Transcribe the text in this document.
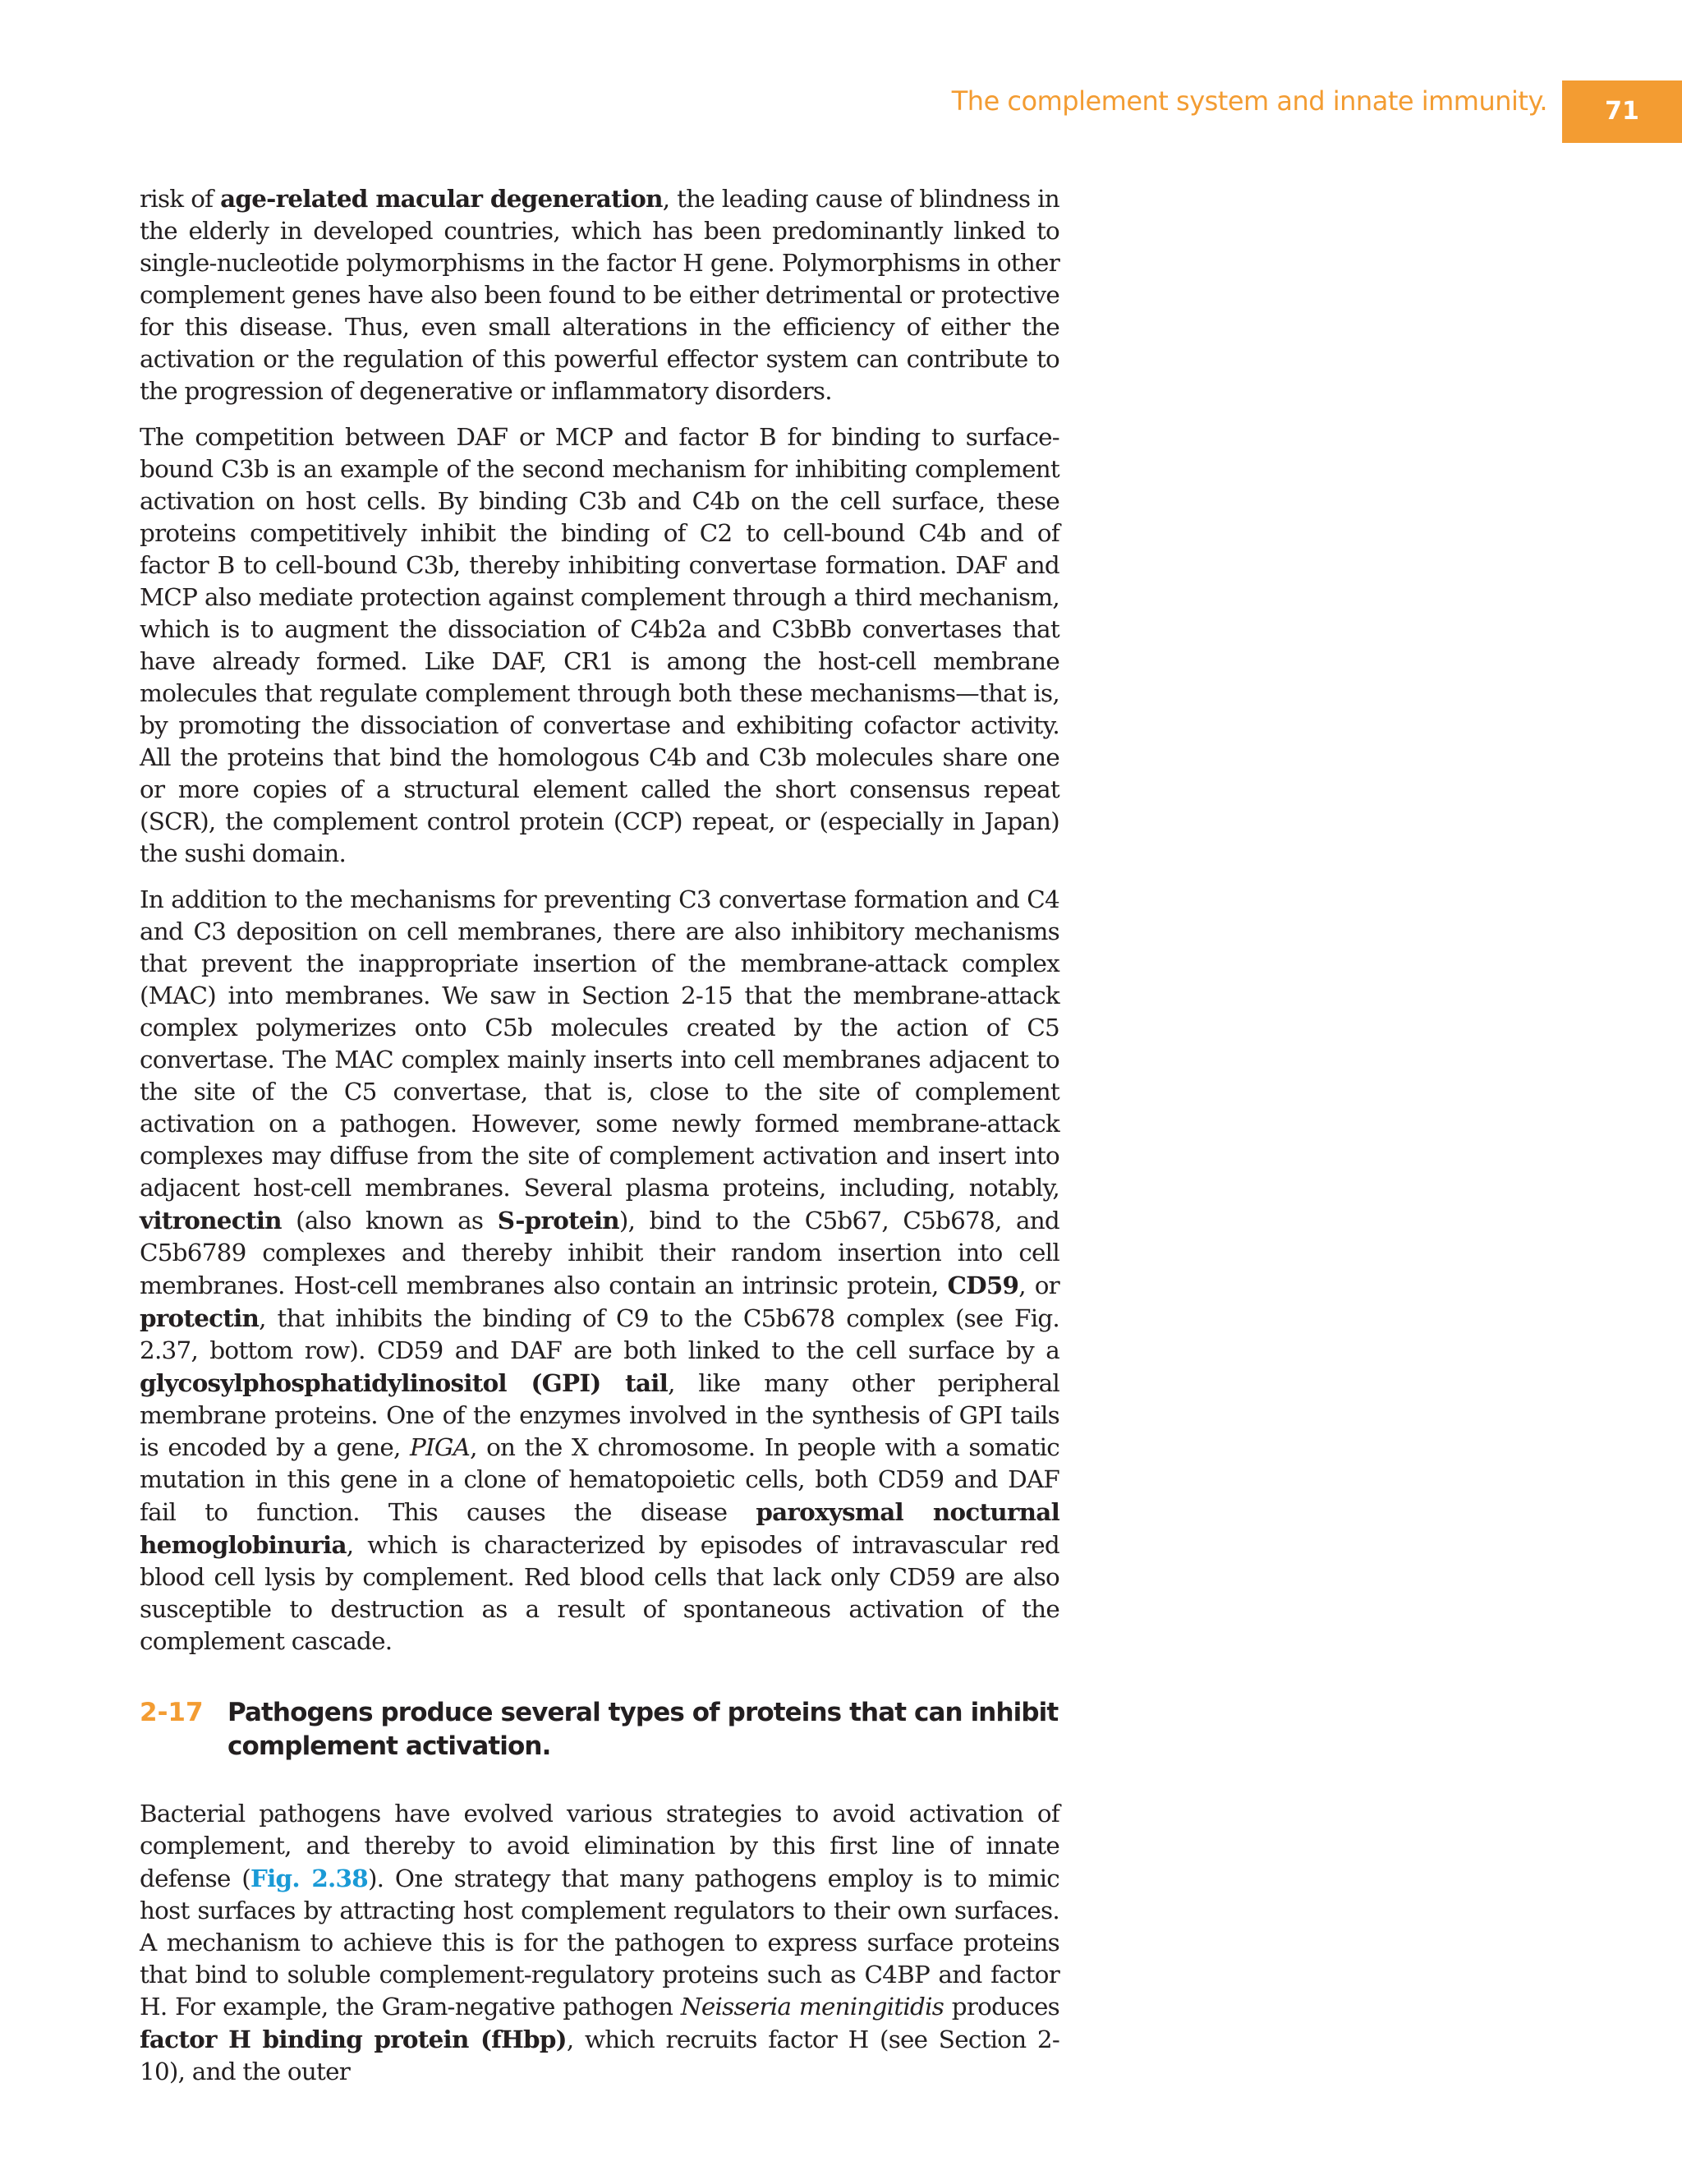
The complement system and innate immunity.	71

risk of age-related macular degeneration, the leading cause of blindness in the elderly in developed countries, which has been predominantly linked to single-nucleotide polymorphisms in the factor H gene. Polymorphisms in other complement genes have also been found to be either detrimental or protective for this disease. Thus, even small alterations in the efficiency of either the activation or the regulation of this powerful effector system can contribute to the progression of degenerative or inflammatory disorders.

The competition between DAF or MCP and factor B for binding to surface-bound C3b is an example of the second mechanism for inhibiting complement activation on host cells. By binding C3b and C4b on the cell surface, these proteins competitively inhibit the binding of C2 to cell-bound C4b and of factor B to cell-bound C3b, thereby inhibiting convertase formation. DAF and MCP also mediate protection against complement through a third mechanism, which is to augment the dissociation of C4b2a and C3bBb convertases that have already formed. Like DAF, CR1 is among the host-cell membrane molecules that regulate complement through both these mechanisms—that is, by promoting the dissociation of convertase and exhibiting cofactor activity. All the proteins that bind the homologous C4b and C3b molecules share one or more copies of a structural element called the short consensus repeat (SCR), the complement control protein (CCP) repeat, or (especially in Japan) the sushi domain.

In addition to the mechanisms for preventing C3 convertase formation and C4 and C3 deposition on cell membranes, there are also inhibitory mechanisms that prevent the inappropriate insertion of the membrane-attack complex (MAC) into membranes. We saw in Section 2-15 that the membrane-attack complex polymerizes onto C5b molecules created by the action of C5 convertase. The MAC complex mainly inserts into cell membranes adjacent to the site of the C5 convertase, that is, close to the site of complement activation on a pathogen. However, some newly formed membrane-attack complexes may diffuse from the site of complement activation and insert into adjacent host-cell membranes. Several plasma proteins, including, notably, vitronectin (also known as S-protein), bind to the C5b67, C5b678, and C5b6789 complexes and thereby inhibit their random insertion into cell membranes. Host-cell membranes also contain an intrinsic protein, CD59, or protectin, that inhibits the binding of C9 to the C5b678 complex (see Fig. 2.37, bottom row). CD59 and DAF are both linked to the cell surface by a glycosylphosphatidylinositol (GPI) tail, like many other peripheral membrane proteins. One of the enzymes involved in the synthesis of GPI tails is encoded by a gene, PIGA, on the X chromosome. In people with a somatic mutation in this gene in a clone of hematopoietic cells, both CD59 and DAF fail to function. This causes the disease paroxysmal nocturnal hemoglobinuria, which is characterized by episodes of intravascular red blood cell lysis by complement. Red blood cells that lack only CD59 are also susceptible to destruction as a result of spontaneous activation of the complement cascade.

2-17 Pathogens produce several types of proteins that can inhibit complement activation.

Bacterial pathogens have evolved various strategies to avoid activation of complement, and thereby to avoid elimination by this first line of innate defense (Fig. 2.38). One strategy that many pathogens employ is to mimic host surfaces by attracting host complement regulators to their own surfaces. A mechanism to achieve this is for the pathogen to express surface proteins that bind to soluble complement-regulatory proteins such as C4BP and factor H. For example, the Gram-negative pathogen Neisseria meningitidis produces factor H binding protein (fHbp), which recruits factor H (see Section 2-10), and the outer
